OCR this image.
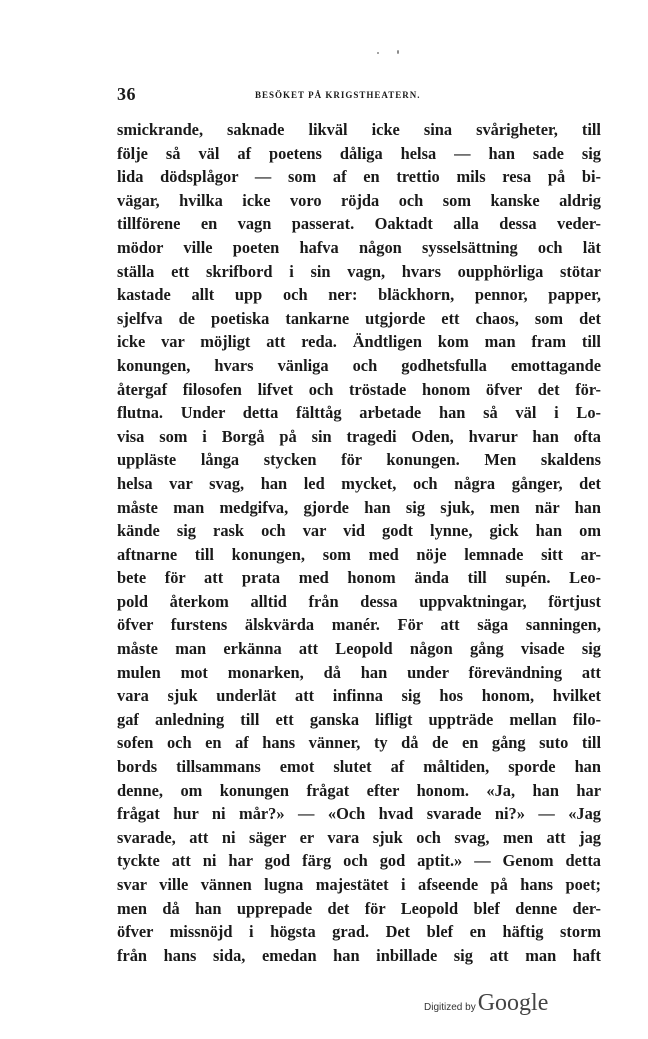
36	BESÖKET PÅ KRIGSTHEATERN.
smickrande, saknade likväl icke sina svårigheter, till
följe så väl af poetens dåliga helsa — han sade sig
lida dödsplågor — som af en trettio mils resa på bi-
vägar, hvilka icke voro röjda och som kanske aldrig
tillförene en vagn passerat. Oaktadt alla dessa veder-
mödor ville poeten hafva någon sysselsättning och lät
ställa ett skrifbord i sin vagn, hvars oupphörliga stötar
kastade allt upp och ner: bläckhorn, pennor, papper,
sjelfva de poetiska tankarne utgjorde ett chaos, som det
icke var möjligt att reda. Ändtligen kom man fram till
konungen, hvars vänliga och godhetsfulla emottagande
återgaf filosofen lifvet och tröstade honom öfver det för-
flutna. Under detta fälttåg arbetade han så väl i Lo-
visa som i Borgå på sin tragedi Oden, hvarur han ofta
uppläste långa stycken för konungen. Men skaldens
helsa var svag, han led mycket, och några gånger, det
måste man medgifva, gjorde han sig sjuk, men när han
kände sig rask och var vid godt lynne, gick han om
aftnarne till konungen, som med nöje lemnade sitt ar-
bete för att prata med honom ända till supén. Leo-
pold återkom alltid från dessa uppvaktningar, förtjust
öfver furstens älskvärda manér. För att säga sanningen,
måste man erkänna att Leopold någon gång visade sig
mulen mot monarken, då han under förevändning att
vara sjuk underlät att infinna sig hos honom, hvilket
gaf anledning till ett ganska lifligt uppträde mellan filo-
sofen och en af hans vänner, ty då de en gång suto till
bords tillsammans emot slutet af måltiden, sporde han
denne, om konungen frågat efter honom. «Ja, han har
frågat hur ni mår?» — «Och hvad svarade ni?» — «Jag
svarade, att ni säger er vara sjuk och svag, men att jag
tyckte att ni har god färg och god aptit.» — Genom detta
svar ville vännen lugna majestätet i afseende på hans poet;
men då han upprepade det för Leopold blef denne der-
öfver missnöjd i högsta grad. Det blef en häftig storm
från hans sida, emedan han inbillade sig att man haft
Digitized by Google
